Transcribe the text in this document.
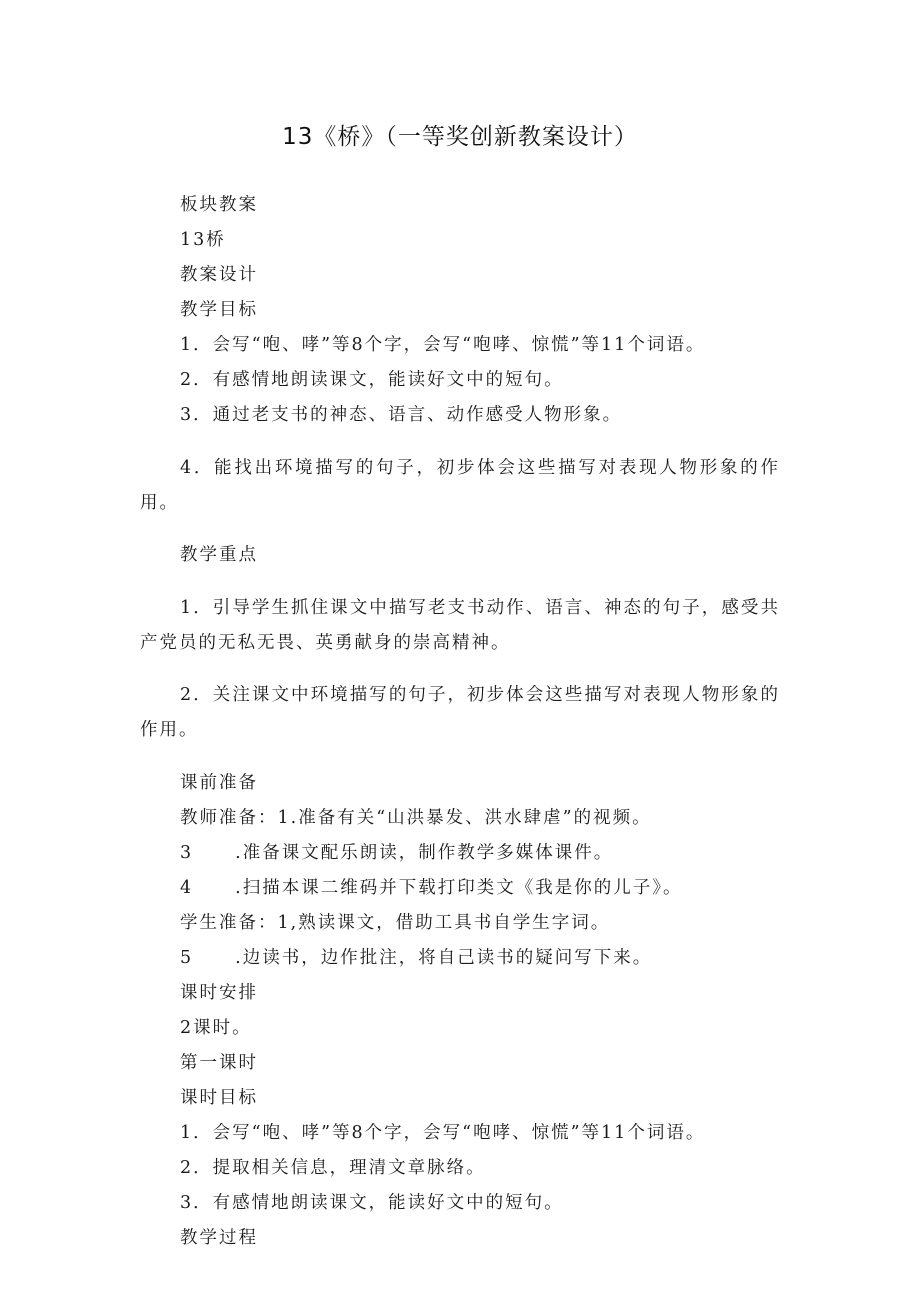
13《桥》（一等奖创新教案设计）

板块教案

13桥

教案设计

教学目标

1．会写“咆、哮”等8个字，会写“咆哮、惊慌”等11个词语。

2．有感情地朗读课文，能读好文中的短句。

3．通过老支书的神态、语言、动作感受人物形象。

4．能找出环境描写的句子，初步体会这些描写对表现人物形象的作用。

教学重点

1．引导学生抓住课文中描写老支书动作、语言、神态的句子，感受共产党员的无私无畏、英勇献身的崇高精神。

2．关注课文中环境描写的句子，初步体会这些描写对表现人物形象的作用。

课前准备

教师准备：1.准备有关“山洪暴发、洪水肆虐”的视频。

3 .准备课文配乐朗读，制作教学多媒体课件。

4 .扫描本课二维码并下载打印类文《我是你的儿子》。

学生准备：1,熟读课文，借助工具书自学生字词。

5 .边读书，边作批注，将自己读书的疑问写下来。

课时安排

2课时。

第一课时

课时目标

1．会写“咆、哮”等8个字，会写“咆哮、惊慌”等11个词语。

2．提取相关信息，理清文章脉络。

3．有感情地朗读课文，能读好文中的短句。

教学过程
